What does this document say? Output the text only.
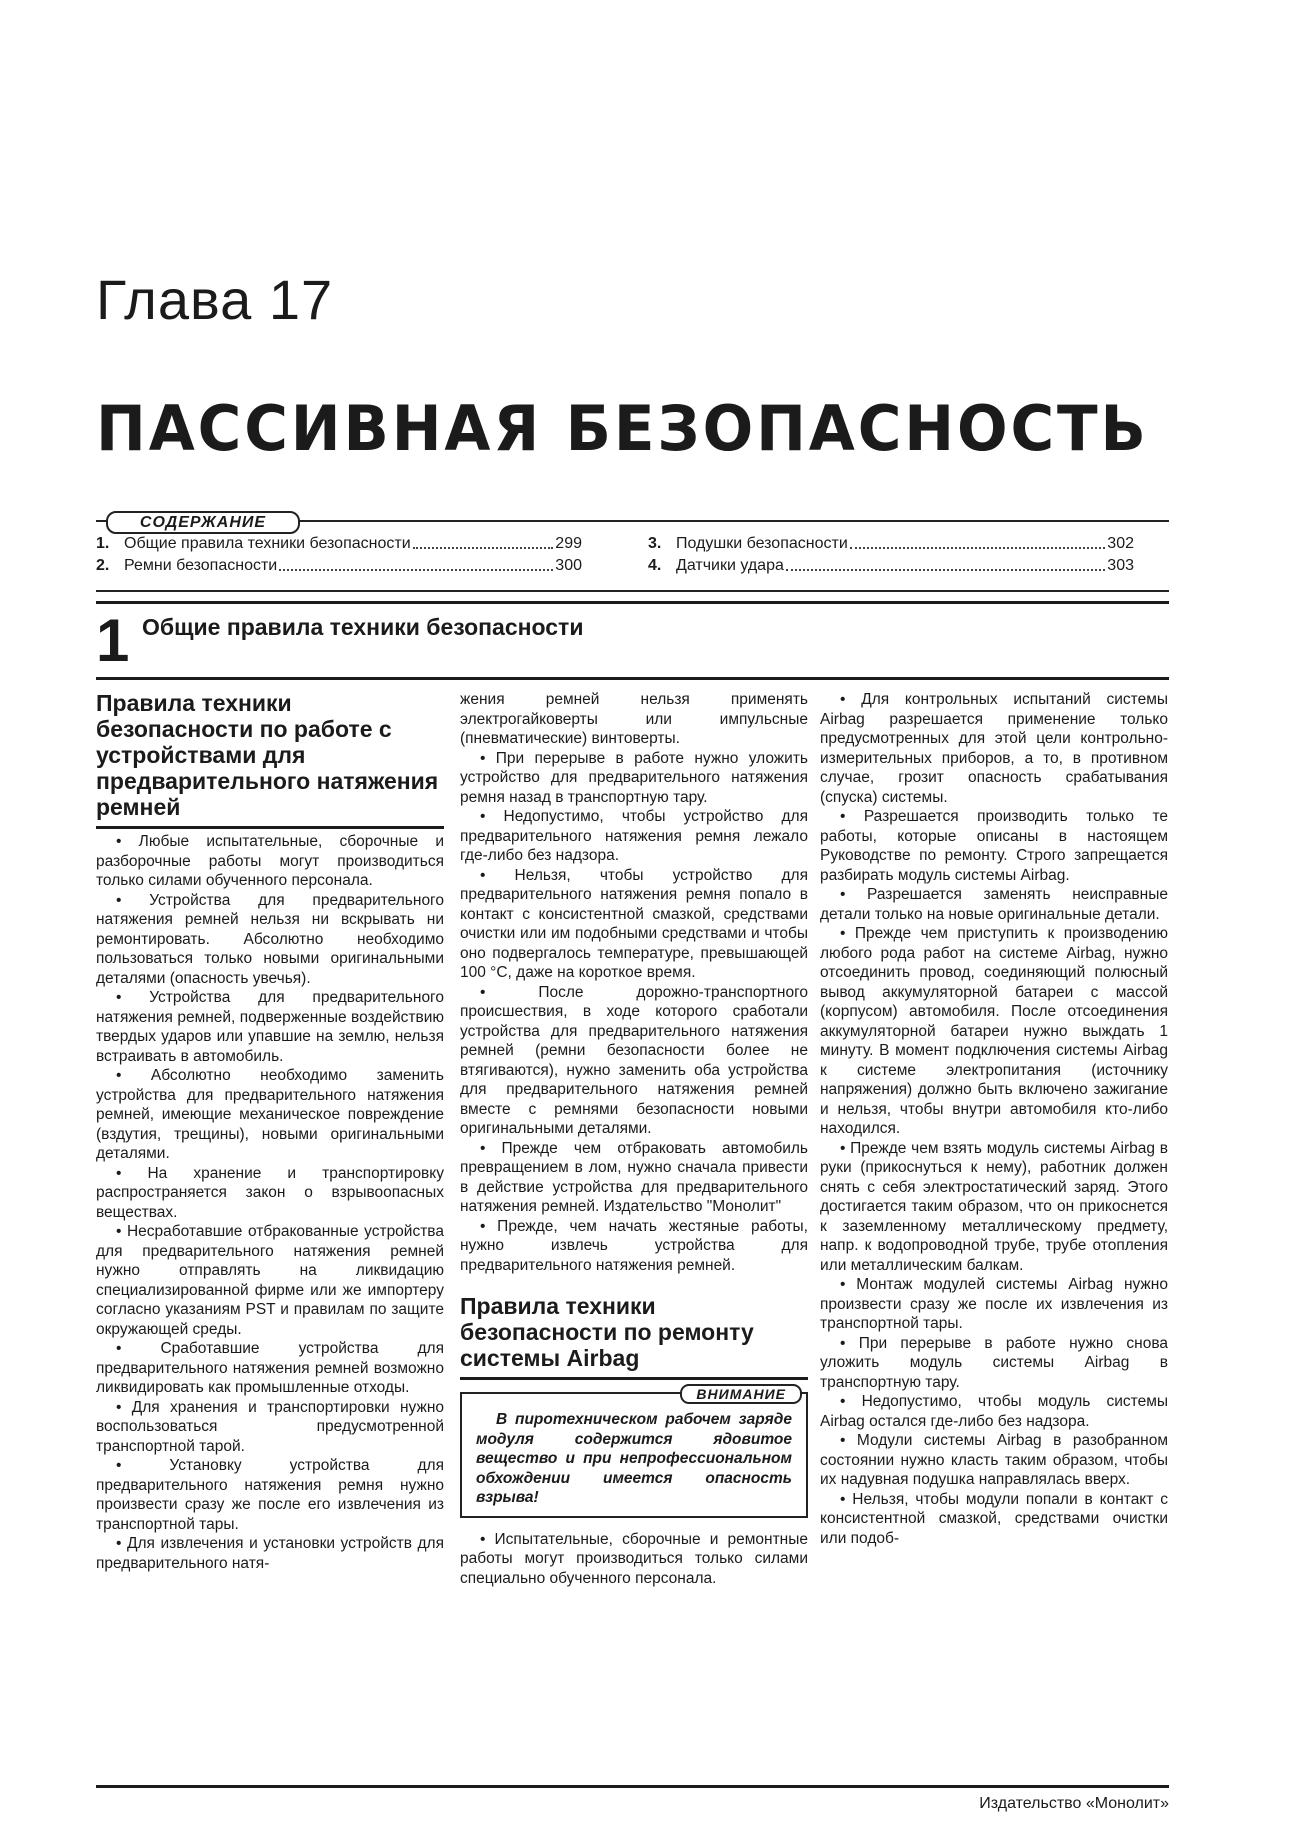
Глава 17
ПАССИВНАЯ БЕЗОПАСНОСТЬ
СОДЕРЖАНИЕ
1. Общие правила техники безопасности	299
2. Ремни безопасности	300
3. Подушки безопасности	302
4. Датчики удара	303
1 Общие правила техники безопасности
Правила техники безопасности по работе с устройствами для предварительного натяжения ремней

• Любые испытательные, сборочные и разборочные работы могут производиться только силами обученного персонала.

• Устройства для предварительного натяжения ремней нельзя ни вскрывать ни ремонтировать. Абсолютно необходимо пользоваться только новыми оригинальными деталями (опасность увечья).

• Устройства для предварительного натяжения ремней, подверженные воздействию твердых ударов или упавшие на землю, нельзя встраивать в автомобиль.

• Абсолютно необходимо заменить устройства для предварительного натяжения ремней, имеющие механическое повреждение (вздутия, трещины), новыми оригинальными деталями.

• На хранение и транспортировку распространяется закон о взрывоопасных веществах.

• Несработавшие отбракованные устройства для предварительного натяжения ремней нужно отправлять на ликвидацию специализированной фирме или же импортеру согласно указаниям PST и правилам по защите окружающей среды.

• Сработавшие устройства для предварительного натяжения ремней возможно ликвидировать как промышленные отходы.

• Для хранения и транспортировки нужно воспользоваться предусмотренной транспортной тарой.

• Установку устройства для предварительного натяжения ремня нужно произвести сразу же после его извлечения из транспортной тары.

• Для извлечения и установки устройств для предварительного натя-

жения ремней нельзя применять электрогайковерты или импульсные (пневматические) винтоверты.

• При перерыве в работе нужно уложить устройство для предварительного натяжения ремня назад в транспортную тару.

• Недопустимо, чтобы устройство для предварительного натяжения ремня лежало где-либо без надзора.

• Нельзя, чтобы устройство для предварительного натяжения ремня попало в контакт с консистентной смазкой, средствами очистки или им подобными средствами и чтобы оно подвергалось температуре, превышающей 100 °С, даже на короткое время.

• После дорожно-транспортного происшествия, в ходе которого сработали устройства для предварительного натяжения ремней (ремни безопасности более не втягиваются), нужно заменить оба устройства для предварительного натяжения ремней вместе с ремнями безопасности новыми оригинальными деталями.

• Прежде чем отбраковать автомобиль превращением в лом, нужно сначала привести в действие устройства для предварительного натяжения ремней. Издательство "Монолит"

• Прежде, чем начать жестяные работы, нужно извлечь устройства для предварительного натяжения ремней.

Правила техники безопасности по ремонту системы Airbag
ВНИМАНИЕ

В пиротехническом рабочем заряде модуля содержится ядовитое вещество и при непрофессиональном обхождении имеется опасность взрыва!

• Испытательные, сборочные и ремонтные работы могут производиться только силами специально обученного персонала.

• Для контрольных испытаний системы Airbag разрешается применение только предусмотренных для этой цели контрольно-измерительных приборов, а то, в противном случае, грозит опасность срабатывания (спуска) системы.

• Разрешается производить только те работы, которые описаны в настоящем Руководстве по ремонту. Строго запрещается разбирать модуль системы Airbag.

• Разрешается заменять неисправные детали только на новые оригинальные детали.

• Прежде чем приступить к производению любого рода работ на системе Airbag, нужно отсоединить провод, соединяющий полюсный вывод аккумуляторной батареи с массой (корпусом) автомобиля. После отсоединения аккумуляторной батареи нужно выждать 1 минуту. В момент подключения системы Airbag к системе электропитания (источнику напряжения) должно быть включено зажигание и нельзя, чтобы внутри автомобиля кто-либо находился.

• Прежде чем взять модуль системы Airbag в руки (прикоснуться к нему), работник должен снять с себя электростатический заряд. Этого достигается таким образом, что он прикоснется к заземленному металлическому предмету, напр. к водопроводной трубе, трубе отопления или металлическим балкам.

• Монтаж модулей системы Airbag нужно произвести сразу же после их извлечения из транспортной тары.

• При перерыве в работе нужно снова уложить модуль системы Airbag в транспортную тару.

• Недопустимо, чтобы модуль системы Airbag остался где-либо без надзора.

• Модули системы Airbag в разобранном состоянии нужно класть таким образом, чтобы их надувная подушка направлялась вверх.

• Нельзя, чтобы модули попали в контакт с консистентной смазкой, средствами очистки или подоб-

Издательство «Монолит»
